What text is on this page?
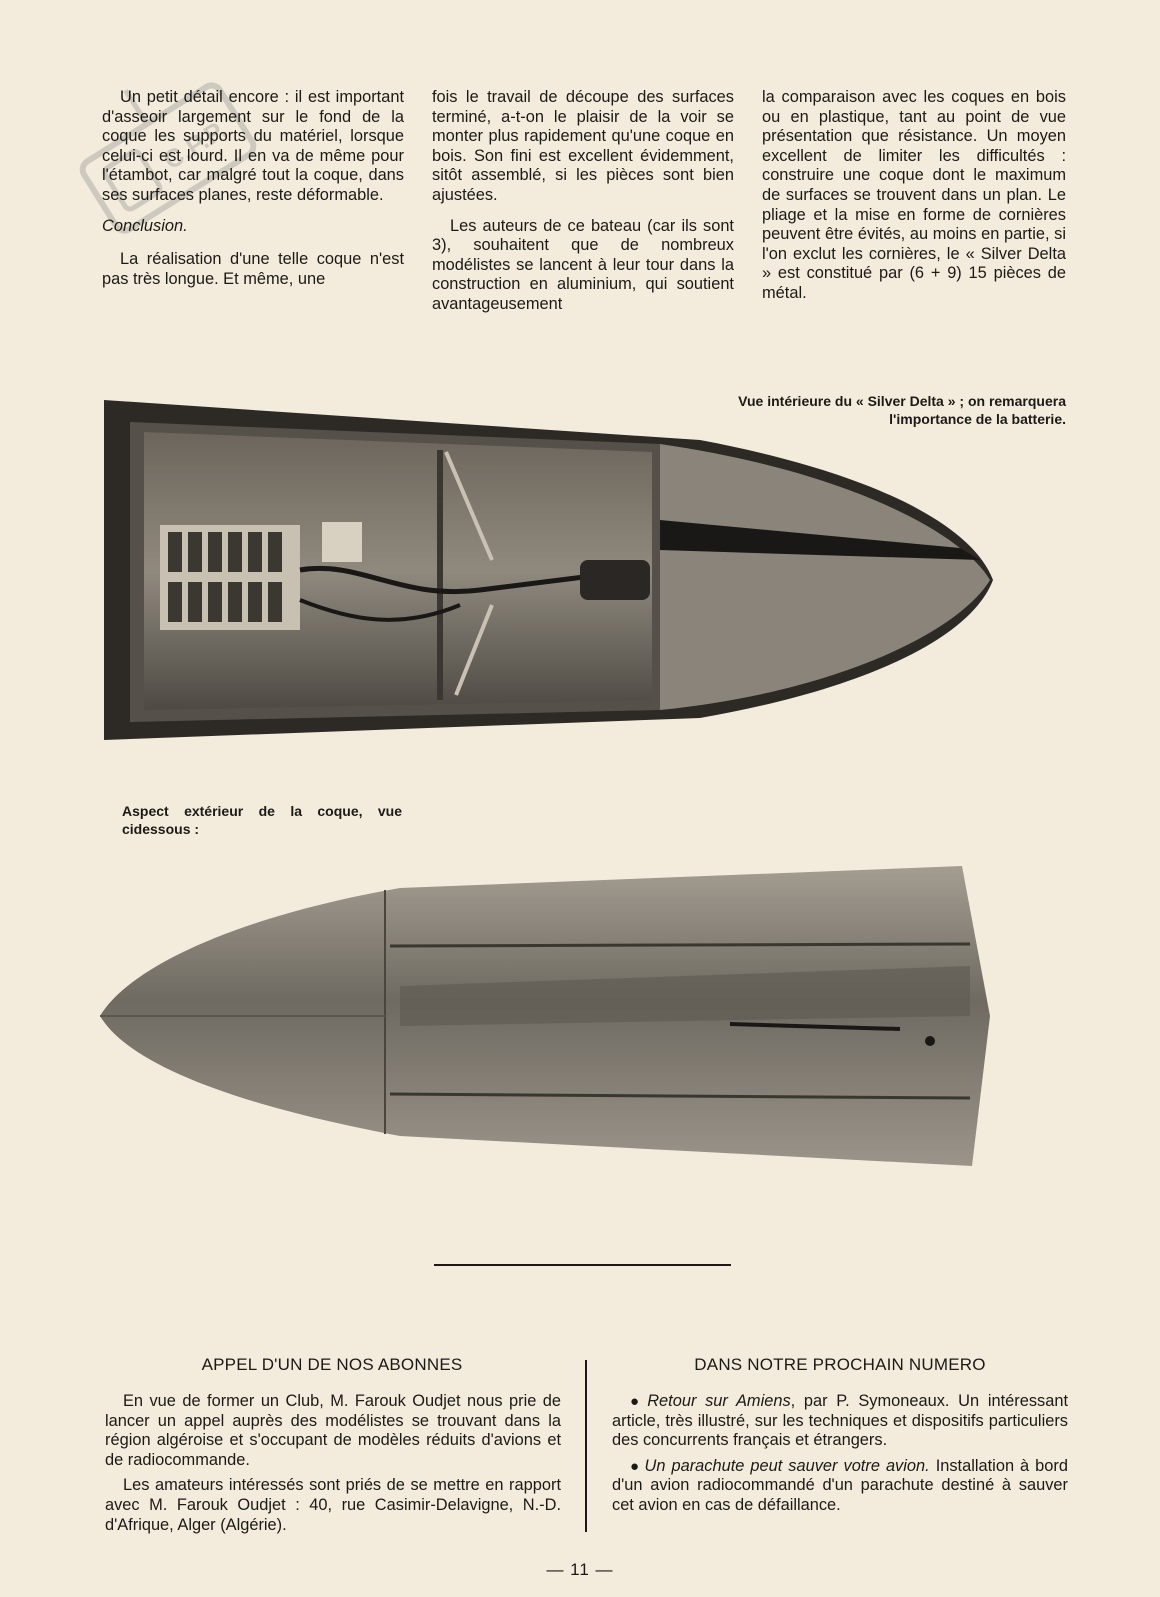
C.P.P.

Un petit détail encore : il est important d'asseoir largement sur le fond de la coque les supports du matériel, lorsque celui-ci est lourd. Il en va de même pour l'étambot, car malgré tout la coque, dans ses surfaces planes, reste déformable.

Conclusion.

La réalisation d'une telle coque n'est pas très longue. Et même, une

fois le travail de découpe des surfaces terminé, a-t-on le plaisir de la voir se monter plus rapidement qu'une coque en bois. Son fini est excellent évidemment, sitôt assemblé, si les pièces sont bien ajustées.

Les auteurs de ce bateau (car ils sont 3), souhaitent que de nombreux modélistes se lancent à leur tour dans la construction en aluminium, qui soutient avantageusement

la comparaison avec les coques en bois ou en plastique, tant au point de vue présentation que résistance. Un moyen excellent de limiter les difficultés : construire une coque dont le maximum de surfaces se trouvent dans un plan. Le pliage et la mise en forme de cornières peuvent être évités, au moins en partie, si l'on exclut les cornières, le « Silver Delta » est constitué par (6 + 9) 15 pièces de métal.

Vue intérieure du « Silver Delta » ; on remarquera l'importance de la batterie.
Aspect extérieur de la coque, vue cidessous :
APPEL D'UN DE NOS ABONNES

En vue de former un Club, M. Farouk Oudjet nous prie de lancer un appel auprès des modélistes se trouvant dans la région algéroise et s'occupant de modèles réduits d'avions et de radiocommande.

Les amateurs intéressés sont priés de se mettre en rapport avec M. Farouk Oudjet : 40, rue Casimir-Delavigne, N.-D. d'Afrique, Alger (Algérie).

DANS NOTRE PROCHAIN NUMERO

● Retour sur Amiens, par P. Symoneaux. Un intéressant article, très illustré, sur les techniques et dispositifs particuliers des concurrents français et étrangers.

● Un parachute peut sauver votre avion. Installation à bord d'un avion radiocommandé d'un parachute destiné à sauver cet avion en cas de défaillance.

— 11 —
